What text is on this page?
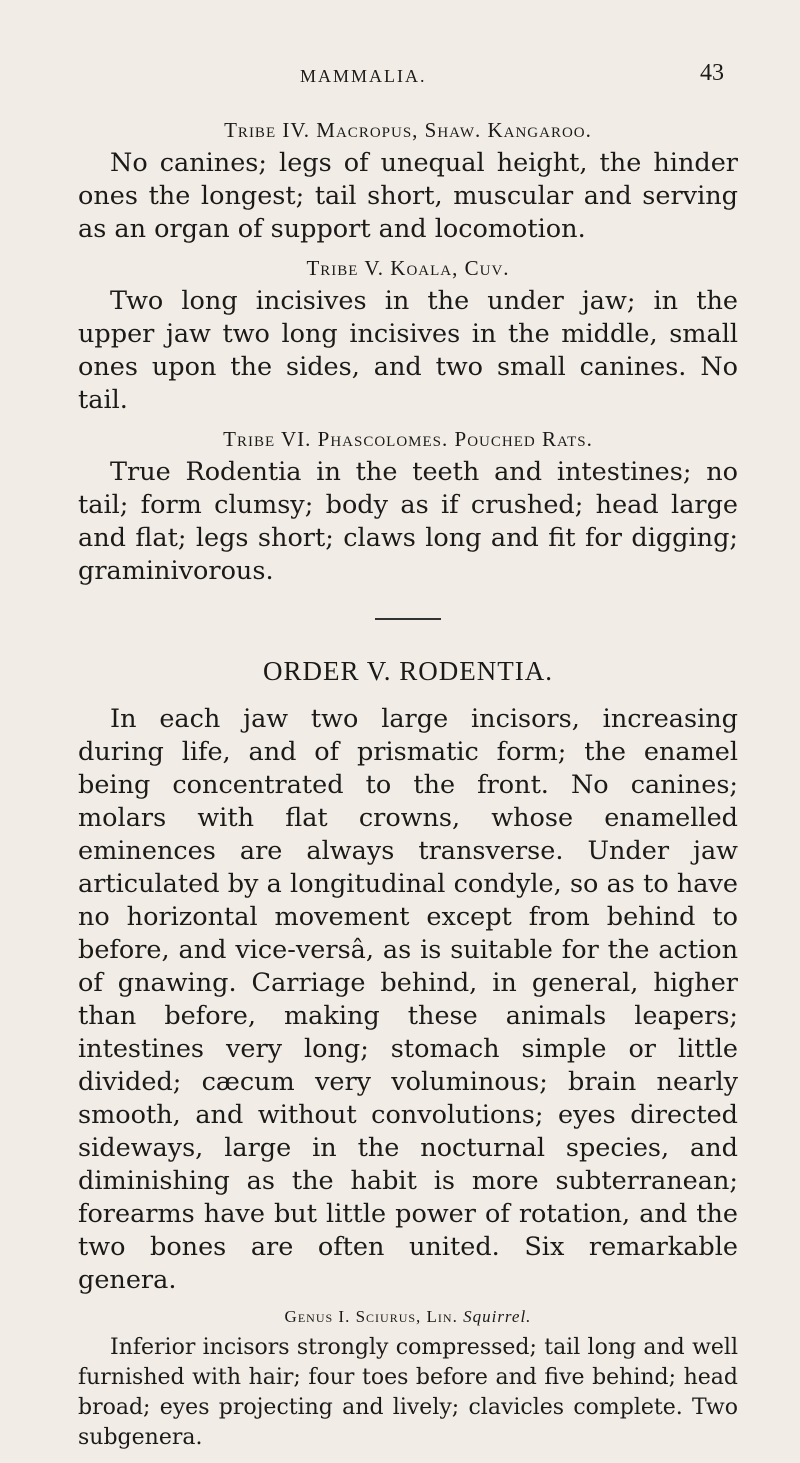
MAMMALIA.	43
Tribe IV. Macropus, Shaw. Kangaroo.

No canines; legs of unequal height, the hinder ones the longest; tail short, muscular and serving as an organ of support and locomotion.

Tribe V. Koala, Cuv.

Two long incisives in the under jaw; in the upper jaw two long incisives in the middle, small ones upon the sides, and two small canines. No tail.

Tribe VI. Phascolomes. Pouched Rats.

True Rodentia in the teeth and intestines; no tail; form clumsy; body as if crushed; head large and flat; legs short; claws long and fit for digging; graminivorous.

ORDER V. RODENTIA.

In each jaw two large incisors, increasing during life, and of prismatic form; the enamel being concentrated to the front. No canines; molars with flat crowns, whose enamelled eminences are always transverse. Under jaw articulated by a longitudinal condyle, so as to have no horizontal movement except from behind to before, and vice-versâ, as is suitable for the action of gnawing. Carriage behind, in general, higher than before, making these animals leapers; intestines very long; stomach simple or little divided; cæcum very voluminous; brain nearly smooth, and without convolutions; eyes directed sideways, large in the nocturnal species, and diminishing as the habit is more subterranean; forearms have but little power of rotation, and the two bones are often united. Six remarkable genera.

Genus I. Sciurus, Lin. Squirrel.

Inferior incisors strongly compressed; tail long and well furnished with hair; four toes before and five behind; head broad; eyes projecting and lively; clavicles complete. Two subgenera.
